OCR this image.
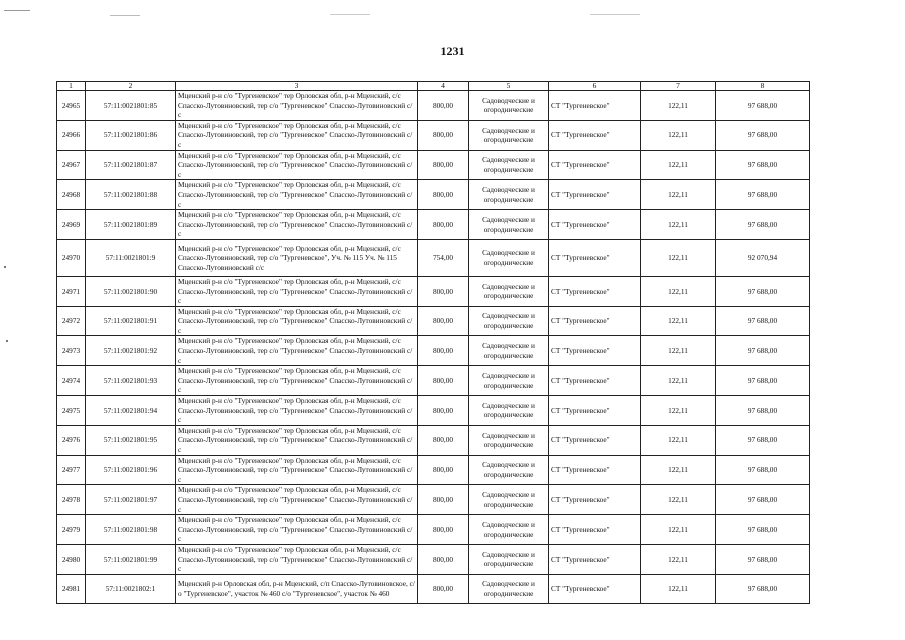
1231
1	2	3	4	5	6	7	8
24965	57:11:0021801:85	Мценский р-н с/о "Тургеневское" тер Орловская обл, р-н Мценский, с/с Спасско-Лутовиновский, тер с/о "Тургеневское" Спасско-Лутовиновский с/с	800,00	Садоводческие и огороднические	СТ "Тургеневское"	122,11	97 688,00
24966	57:11:0021801:86	Мценский р-н с/о "Тургеневское" тер Орловская обл, р-н Мценский, с/с Спасско-Лутовиновский, тер с/о "Тургеневское" Спасско-Лутовиновский с/с	800,00	Садоводческие и огороднические	СТ "Тургеневское"	122,11	97 688,00
24967	57:11:0021801:87	Мценский р-н с/о "Тургеневское" тер Орловская обл, р-н Мценский, с/с Спасско-Лутовиновский, тер с/о "Тургеневское" Спасско-Лутовиновский с/с	800,00	Садоводческие и огороднические	СТ "Тургеневское"	122,11	97 688,00
24968	57:11:0021801:88	Мценский р-н с/о "Тургеневское" тер Орловская обл, р-н Мценский, с/с Спасско-Лутовиновский, тер с/о "Тургеневское" Спасско-Лутовиновский с/с	800,00	Садоводческие и огороднические	СТ "Тургеневское"	122,11	97 688,00
24969	57:11:0021801:89	Мценский р-н с/о "Тургеневское" тер Орловская обл, р-н Мценский, с/с Спасско-Лутовиновский, тер с/о "Тургеневское" Спасско-Лутовиновский с/с	800,00	Садоводческие и огороднические	СТ "Тургеневское"	122,11	97 688,00
24970	57:11:0021801:9	Мценский р-н с/о "Тургеневское" тер Орловская обл, р-н Мценский, с/с Спасско-Лутовиновский, тер с/о "Тургеневское", Уч. № 115 Уч. № 115 Спасско-Лутовиновский с/с	754,00	Садоводческие и огороднические	СТ "Тургеневское"	122,11	92 070,94
24971	57:11:0021801:90	Мценский р-н с/о "Тургеневское" тер Орловская обл, р-н Мценский, с/с Спасско-Лутовиновский, тер с/о "Тургеневское" Спасско-Лутовиновский с/с	800,00	Садоводческие и огороднические	СТ "Тургеневское"	122,11	97 688,00
24972	57:11:0021801:91	Мценский р-н с/о "Тургеневское" тер Орловская обл, р-н Мценский, с/с Спасско-Лутовиновский, тер с/о "Тургеневское" Спасско-Лутовиновский с/с	800,00	Садоводческие и огороднические	СТ "Тургеневское"	122,11	97 688,00
24973	57:11:0021801:92	Мценский р-н с/о "Тургеневское" тер Орловская обл, р-н Мценский, с/с Спасско-Лутовиновский, тер с/о "Тургеневское" Спасско-Лутовиновский с/с	800,00	Садоводческие и огороднические	СТ "Тургеневское"	122,11	97 688,00
24974	57:11:0021801:93	Мценский р-н с/о "Тургеневское" тер Орловская обл, р-н Мценский, с/с Спасско-Лутовиновский, тер с/о "Тургеневское" Спасско-Лутовиновский с/с	800,00	Садоводческие и огороднические	СТ "Тургеневское"	122,11	97 688,00
24975	57:11:0021801:94	Мценский р-н с/о "Тургеневское" тер Орловская обл, р-н Мценский, с/с Спасско-Лутовиновский, тер с/о "Тургеневское" Спасско-Лутовиновский с/с	800,00	Садоводческие и огороднические	СТ "Тургеневское"	122,11	97 688,00
24976	57:11:0021801:95	Мценский р-н с/о "Тургеневское" тер Орловская обл, р-н Мценский, с/с Спасско-Лутовиновский, тер с/о "Тургеневское" Спасско-Лутовиновский с/с	800,00	Садоводческие и огороднические	СТ "Тургеневское"	122,11	97 688,00
24977	57:11:0021801:96	Мценский р-н с/о "Тургеневское" тер Орловская обл, р-н Мценский, с/с Спасско-Лутовиновский, тер с/о "Тургеневское" Спасско-Лутовиновский с/с	800,00	Садоводческие и огороднические	СТ "Тургеневское"	122,11	97 688,00
24978	57:11:0021801:97	Мценский р-н с/о "Тургеневское" тер Орловская обл, р-н Мценский, с/с Спасско-Лутовиновский, тер с/о "Тургеневское" Спасско-Лутовиновский с/с	800,00	Садоводческие и огороднические	СТ "Тургеневское"	122,11	97 688,00
24979	57:11:0021801:98	Мценский р-н с/о "Тургеневское" тер Орловская обл, р-н Мценский, с/с Спасско-Лутовиновский, тер с/о "Тургеневское" Спасско-Лутовиновский с/с	800,00	Садоводческие и огороднические	СТ "Тургеневское"	122,11	97 688,00
24980	57:11:0021801:99	Мценский р-н с/о "Тургеневское" тер Орловская обл, р-н Мценский, с/с Спасско-Лутовиновский, тер с/о "Тургеневское" Спасско-Лутовиновский с/с	800,00	Садоводческие и огороднические	СТ "Тургеневское"	122,11	97 688,00
24981	57:11:0021802:1	Мценский р-н Орловская обл, р-н Мценский, с/п Спасско-Лутовиновское, с/о "Тургеневское", участок № 460 с/о "Тургеневское", участок № 460	800,00	Садоводческие и огороднические	СТ "Тургеневское"	122,11	97 688,00
